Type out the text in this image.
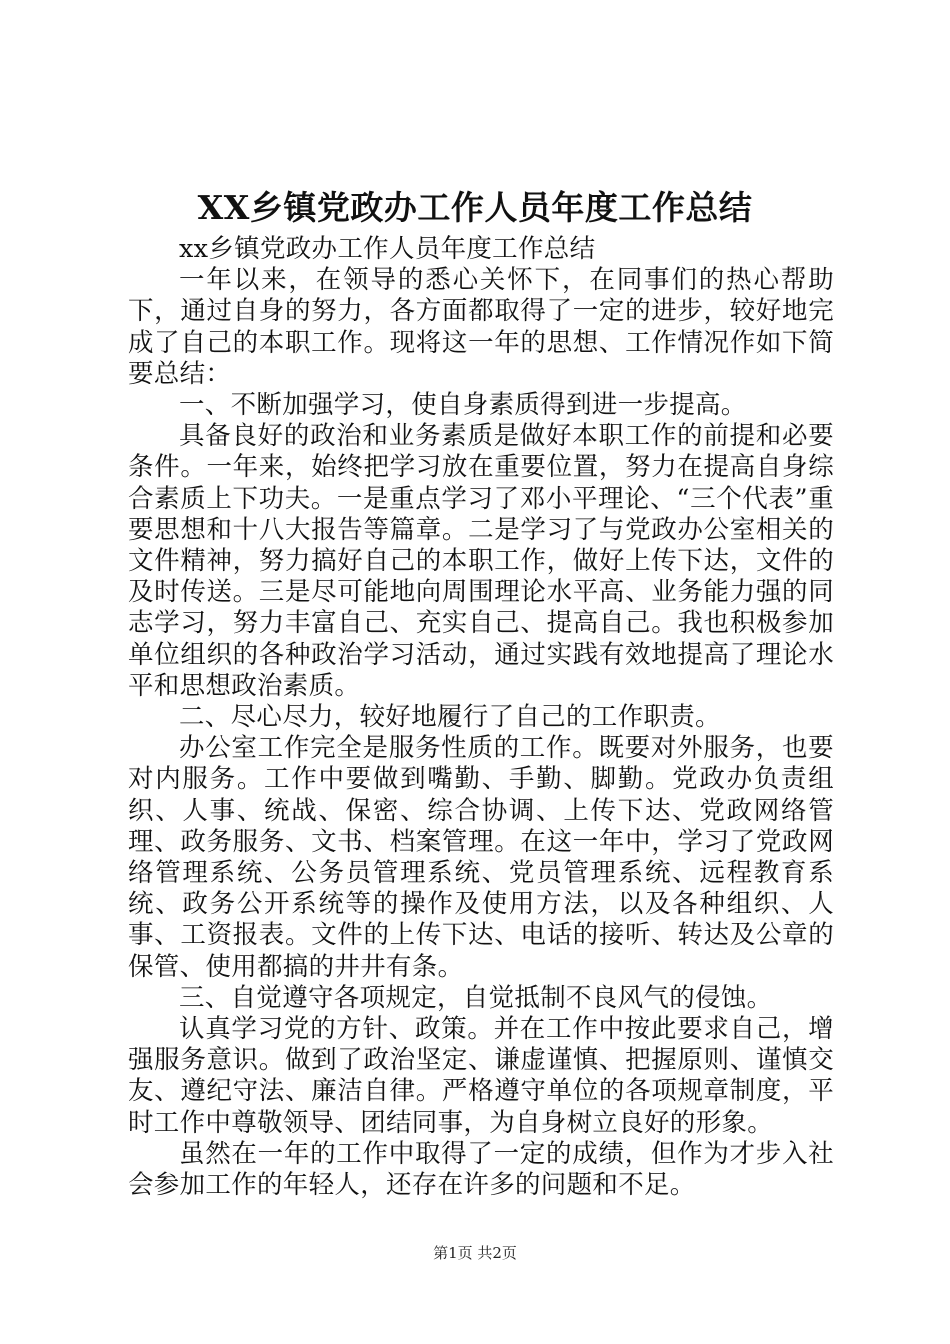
XX乡镇党政办工作人员年度工作总结

xx乡镇党政办工作人员年度工作总结

一年以来，在领导的悉心关怀下，在同事们的热心帮助下，通过自身的努力，各方面都取得了一定的进步，较好地完成了自己的本职工作。现将这一年的思想、工作情况作如下简要总结：

一、不断加强学习，使自身素质得到进一步提高。

具备良好的政治和业务素质是做好本职工作的前提和必要条件。一年来，始终把学习放在重要位置，努力在提高自身综合素质上下功夫。一是重点学习了邓小平理论、“三个代表”重要思想和十八大报告等篇章。二是学习了与党政办公室相关的文件精神，努力搞好自己的本职工作，做好上传下达，文件的及时传送。三是尽可能地向周围理论水平高、业务能力强的同志学习，努力丰富自己、充实自己、提高自己。我也积极参加单位组织的各种政治学习活动，通过实践有效地提高了理论水平和思想政治素质。

二、尽心尽力，较好地履行了自己的工作职责。

办公室工作完全是服务性质的工作。既要对外服务，也要对内服务。工作中要做到嘴勤、手勤、脚勤。党政办负责组织、人事、统战、保密、综合协调、上传下达、党政网络管理、政务服务、文书、档案管理。在这一年中，学习了党政网络管理系统、公务员管理系统、党员管理系统、远程教育系统、政务公开系统等的操作及使用方法，以及各种组织、人事、工资报表。文件的上传下达、电话的接听、转达及公章的保管、使用都搞的井井有条。

三、自觉遵守各项规定，自觉抵制不良风气的侵蚀。

认真学习党的方针、政策。并在工作中按此要求自己，增强服务意识。做到了政治坚定、谦虚谨慎、把握原则、谨慎交友、遵纪守法、廉洁自律。严格遵守单位的各项规章制度，平时工作中尊敬领导、团结同事，为自身树立良好的形象。

虽然在一年的工作中取得了一定的成绩，但作为才步入社会参加工作的年轻人，还存在许多的问题和不足。

第1页 共2页
